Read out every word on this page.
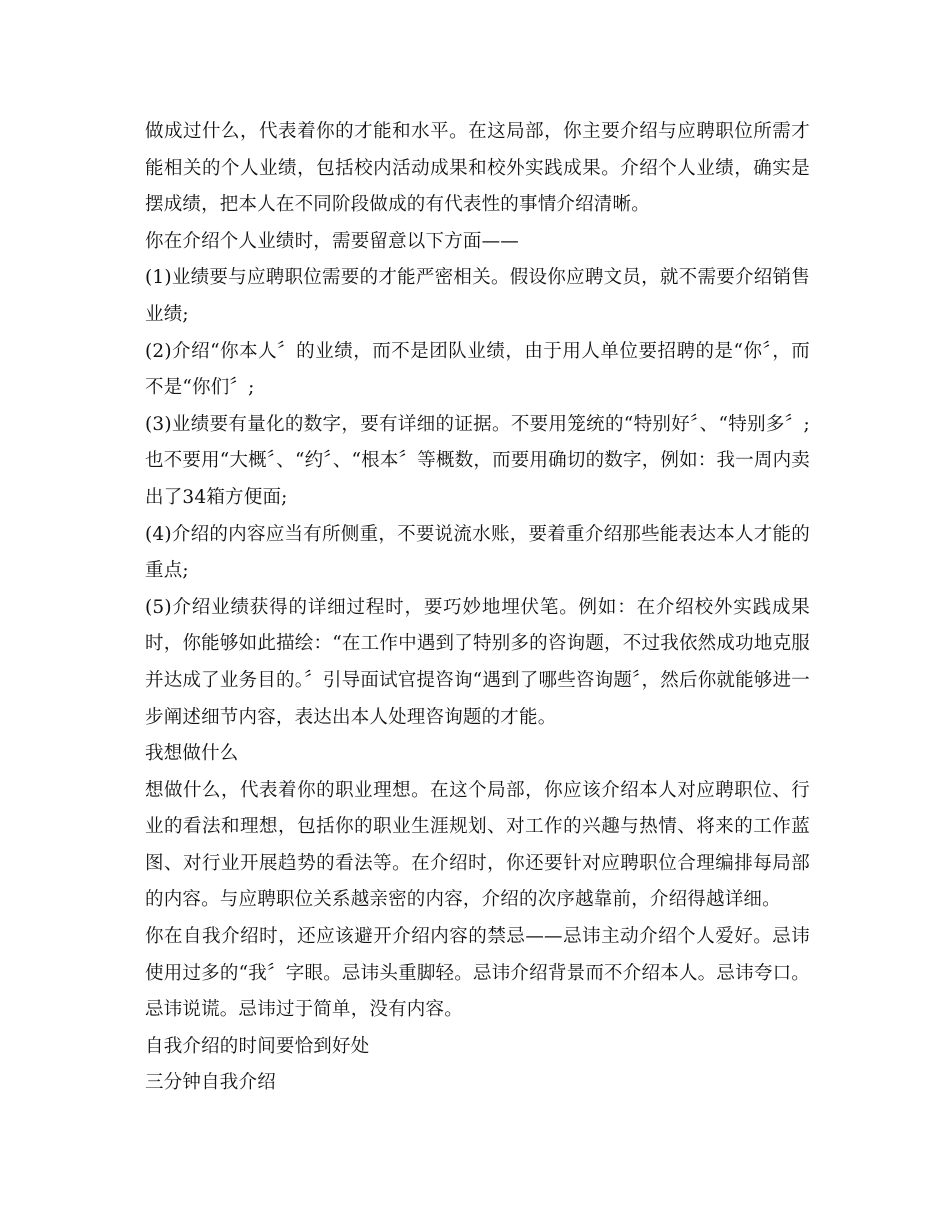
做成过什么，代表着你的才能和水平。在这局部，你主要介绍与应聘职位所需才能相关的个人业绩，包括校内活动成果和校外实践成果。介绍个人业绩，确实是摆成绩，把本人在不同阶段做成的有代表性的事情介绍清晰。

你在介绍个人业绩时，需要留意以下方面——

(1)业绩要与应聘职位需要的才能严密相关。假设你应聘文员，就不需要介绍销售业绩;

(2)介绍“你本人〞的业绩，而不是团队业绩，由于用人单位要招聘的是“你〞，而不是“你们〞;

(3)业绩要有量化的数字，要有详细的证据。不要用笼统的“特别好〞、“特别多〞;也不要用“大概〞、“约〞、“根本〞等概数，而要用确切的数字，例如：我一周内卖出了34箱方便面;

(4)介绍的内容应当有所侧重，不要说流水账，要着重介绍那些能表达本人才能的重点;

(5)介绍业绩获得的详细过程时，要巧妙地埋伏笔。例如：在介绍校外实践成果时，你能够如此描绘：“在工作中遇到了特别多的咨询题，不过我依然成功地克服并达成了业务目的。〞引导面试官提咨询“遇到了哪些咨询题〞，然后你就能够进一步阐述细节内容，表达出本人处理咨询题的才能。

我想做什么

想做什么，代表着你的职业理想。在这个局部，你应该介绍本人对应聘职位、行业的看法和理想，包括你的职业生涯规划、对工作的兴趣与热情、将来的工作蓝图、对行业开展趋势的看法等。在介绍时，你还要针对应聘职位合理编排每局部的内容。与应聘职位关系越亲密的内容，介绍的次序越靠前，介绍得越详细。

你在自我介绍时，还应该避开介绍内容的禁忌——忌讳主动介绍个人爱好。忌讳使用过多的“我〞字眼。忌讳头重脚轻。忌讳介绍背景而不介绍本人。忌讳夸口。忌讳说谎。忌讳过于简单，没有内容。

自我介绍的时间要恰到好处

三分钟自我介绍
